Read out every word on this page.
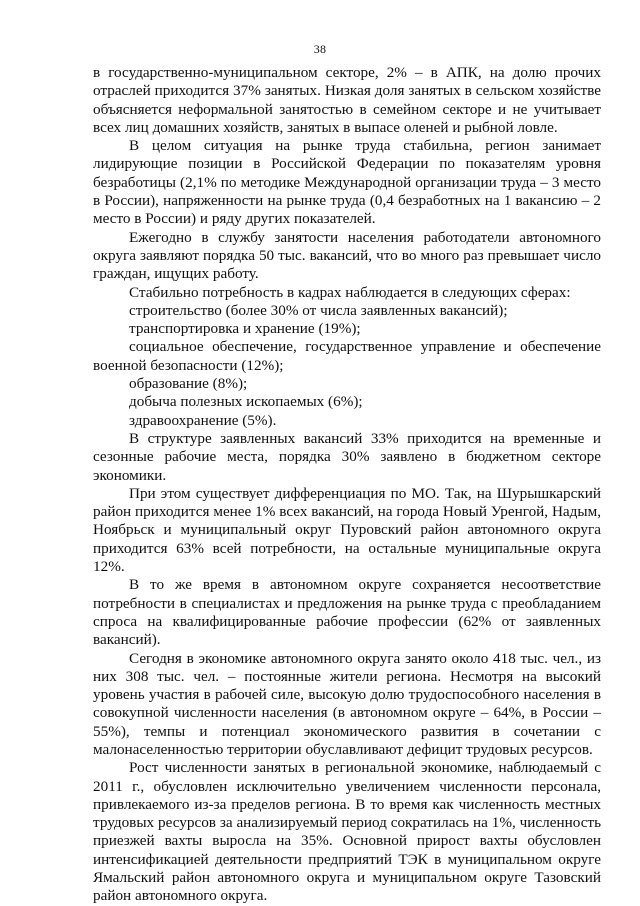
38

в государственно-муниципальном секторе, 2% – в АПК, на долю прочих отраслей приходится 37% занятых. Низкая доля занятых в сельском хозяйстве объясняется неформальной занятостью в семейном секторе и не учитывает всех лиц домашних хозяйств, занятых в выпасе оленей и рыбной ловле.

В целом ситуация на рынке труда стабильна, регион занимает лидирующие позиции в Российской Федерации по показателям уровня безработицы (2,1% по методике Международной организации труда – 3 место в России), напряженности на рынке труда (0,4 безработных на 1 вакансию – 2 место в России) и ряду других показателей.

Ежегодно в службу занятости населения работодатели автономного округа заявляют порядка 50 тыс. вакансий, что во много раз превышает число граждан, ищущих работу.

Стабильно потребность в кадрах наблюдается в следующих сферах:

строительство (более 30% от числа заявленных вакансий);

транспортировка и хранение (19%);

социальное обеспечение, государственное управление и обеспечение военной безопасности (12%);

образование (8%);

добыча полезных ископаемых (6%);

здравоохранение (5%).

В структуре заявленных вакансий 33% приходится на временные и сезонные рабочие места, порядка 30% заявлено в бюджетном секторе экономики.

При этом существует дифференциация по МО. Так, на Шурышкарский район приходится менее 1% всех вакансий, на города Новый Уренгой, Надым, Ноябрьск и муниципальный округ Пуровский район автономного округа приходится 63% всей потребности, на остальные муниципальные округа 12%.

В то же время в автономном округе сохраняется несоответствие потребности в специалистах и предложения на рынке труда с преобладанием спроса на квалифицированные рабочие профессии (62% от заявленных вакансий).

Сегодня в экономике автономного округа занято около 418 тыс. чел., из них 308 тыс. чел. – постоянные жители региона. Несмотря на высокий уровень участия в рабочей силе, высокую долю трудоспособного населения в совокупной численности населения (в автономном округе – 64%, в России – 55%), темпы и потенциал экономического развития в сочетании с малонаселенностью территории обуславливают дефицит трудовых ресурсов.

Рост численности занятых в региональной экономике, наблюдаемый с 2011 г., обусловлен исключительно увеличением численности персонала, привлекаемого из-за пределов региона. В то время как численность местных трудовых ресурсов за анализируемый период сократилась на 1%, численность приезжей вахты выросла на 35%. Основной прирост вахты обусловлен интенсификацией деятельности предприятий ТЭК в муниципальном округе Ямальский район автономного округа и муниципальном округе Тазовский район автономного округа.
